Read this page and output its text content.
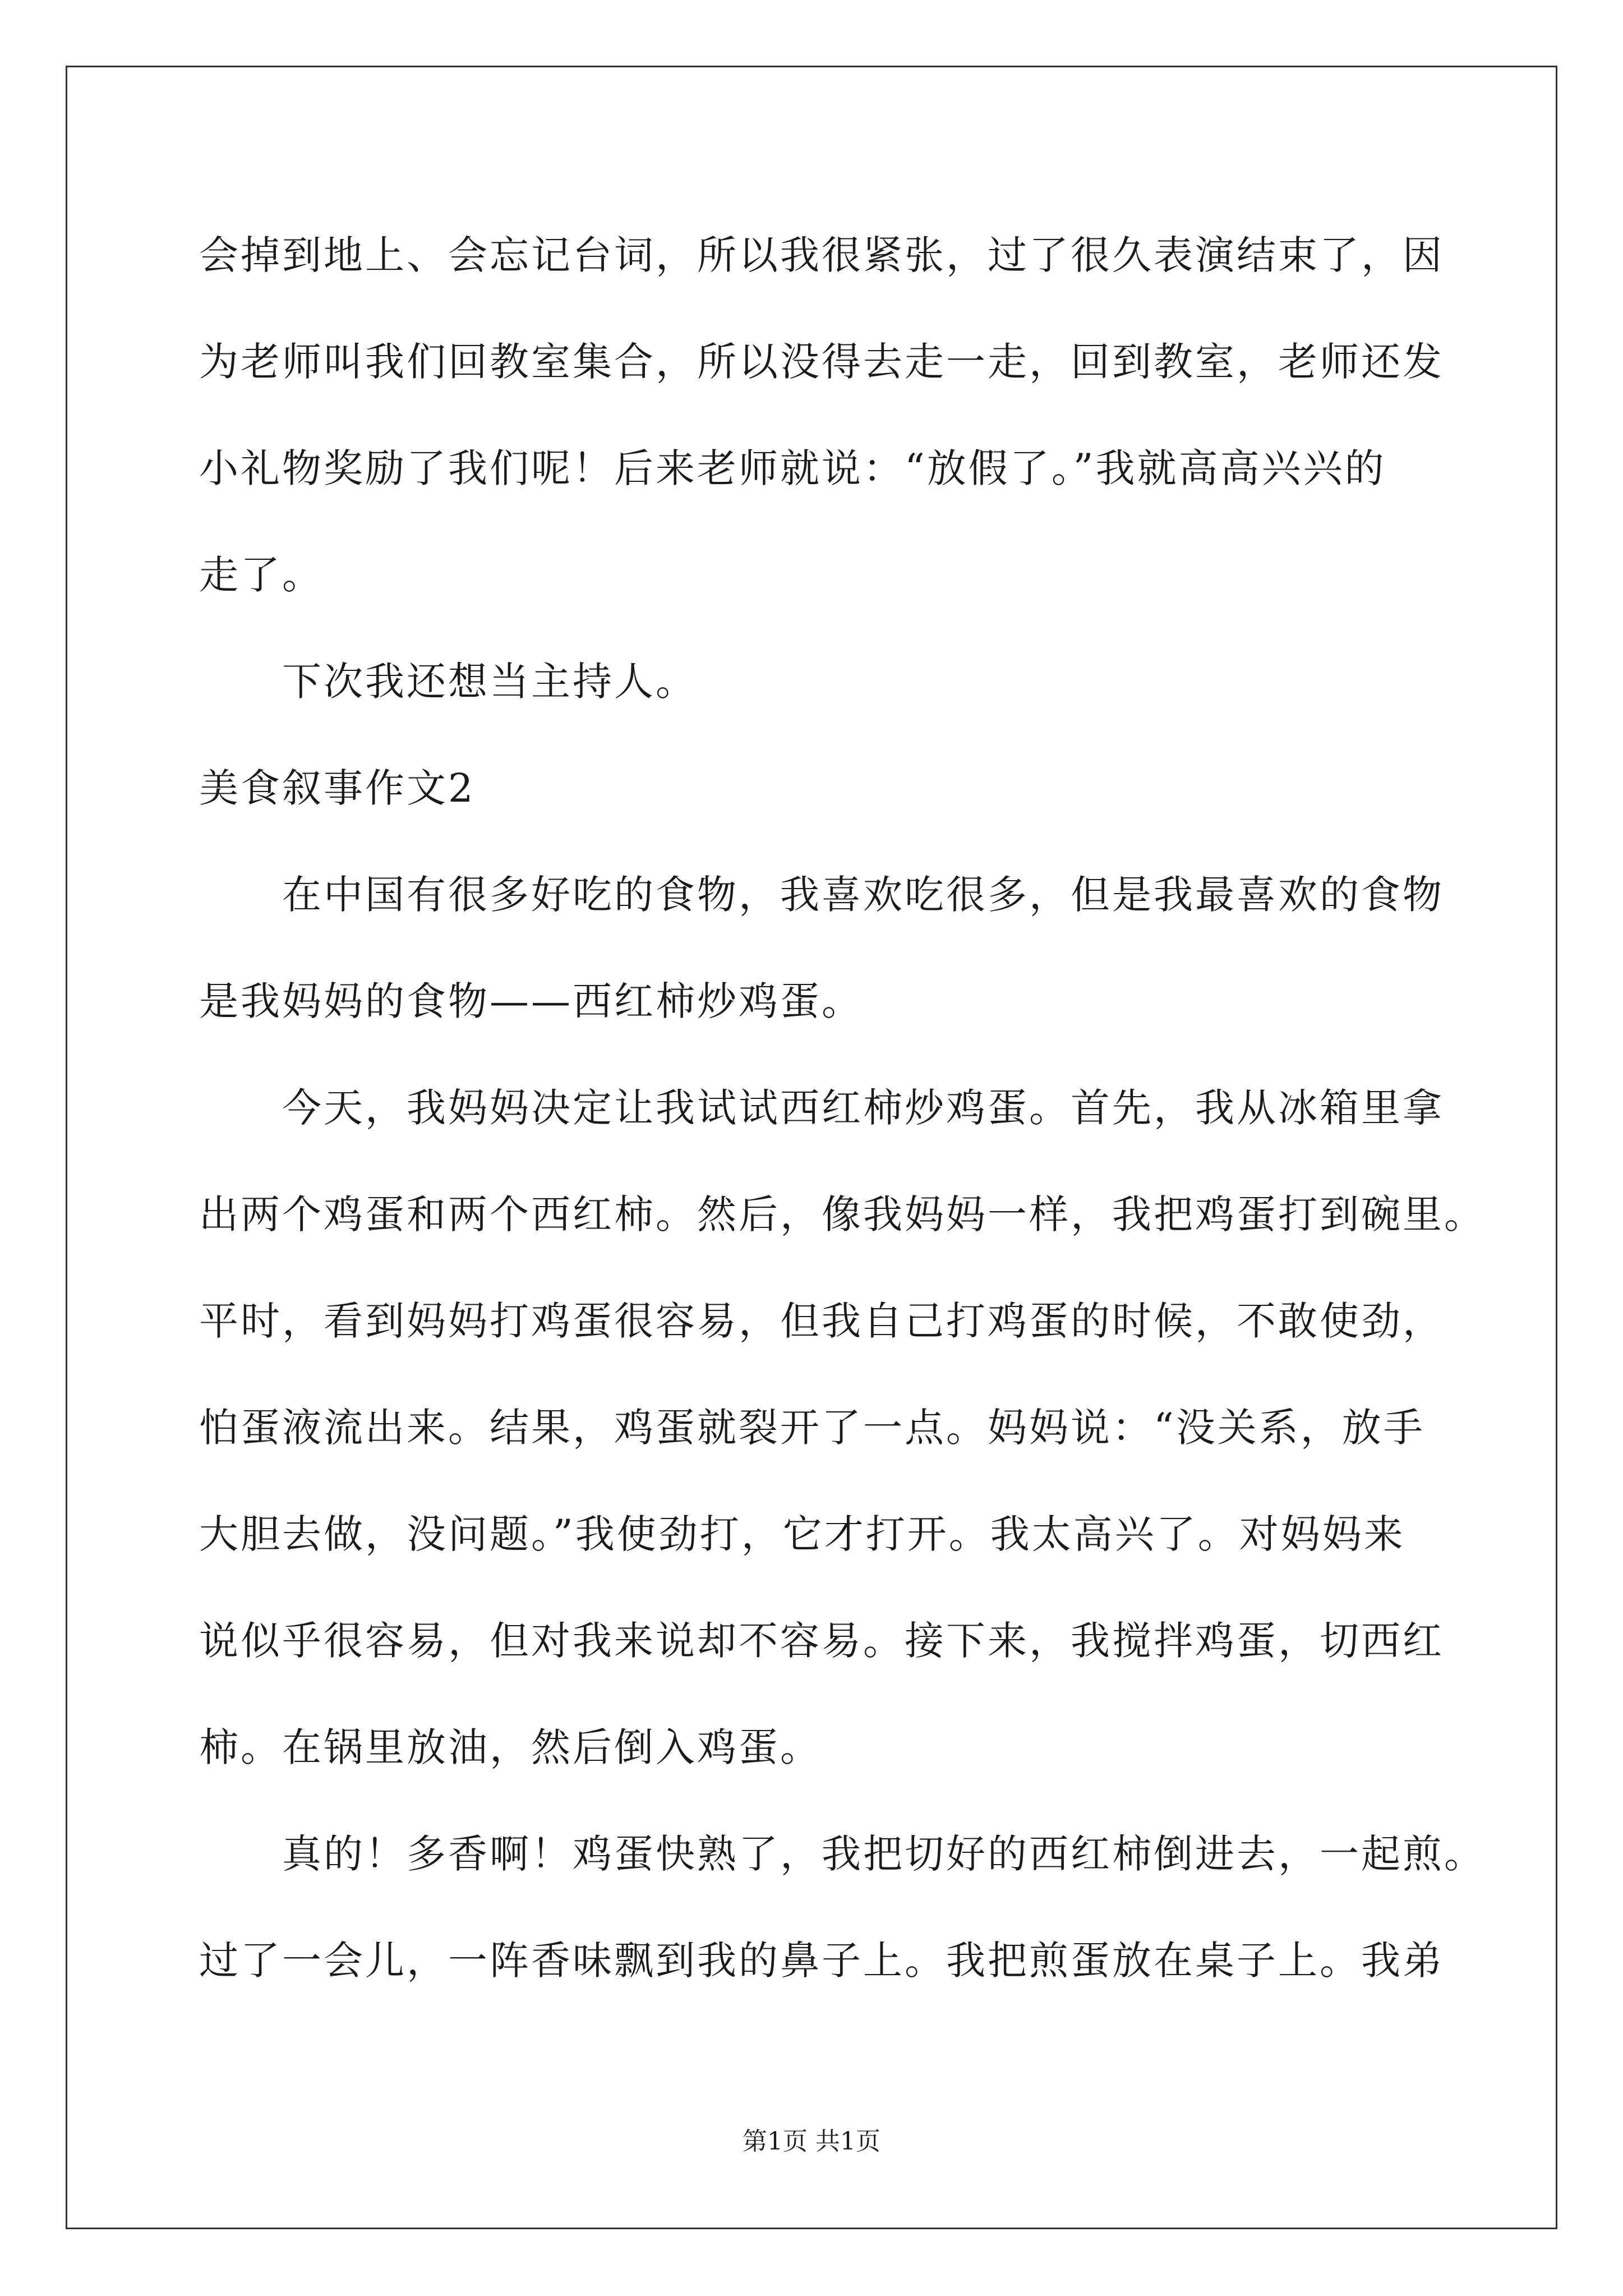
会掉到地上、会忘记台词，所以我很紧张，过了很久表演结束了，因
为老师叫我们回教室集合，所以没得去走一走，回到教室，老师还发
小礼物奖励了我们呢！后来老师就说：“放假了。”我就高高兴兴的
走了。
下次我还想当主持人。
美食叙事作文2
在中国有很多好吃的食物，我喜欢吃很多，但是我最喜欢的食物
是我妈妈的食物——西红柿炒鸡蛋。
今天，我妈妈决定让我试试西红柿炒鸡蛋。首先，我从冰箱里拿
出两个鸡蛋和两个西红柿。然后，像我妈妈一样，我把鸡蛋打到碗里。
平时，看到妈妈打鸡蛋很容易，但我自己打鸡蛋的时候，不敢使劲，
怕蛋液流出来。结果，鸡蛋就裂开了一点。妈妈说：“没关系，放手
大胆去做，没问题。”我使劲打，它才打开。我太高兴了。对妈妈来
说似乎很容易，但对我来说却不容易。接下来，我搅拌鸡蛋，切西红
柿。在锅里放油，然后倒入鸡蛋。
真的！多香啊！鸡蛋快熟了，我把切好的西红柿倒进去，一起煎。
过了一会儿，一阵香味飘到我的鼻子上。我把煎蛋放在桌子上。我弟
第1页 共1页
